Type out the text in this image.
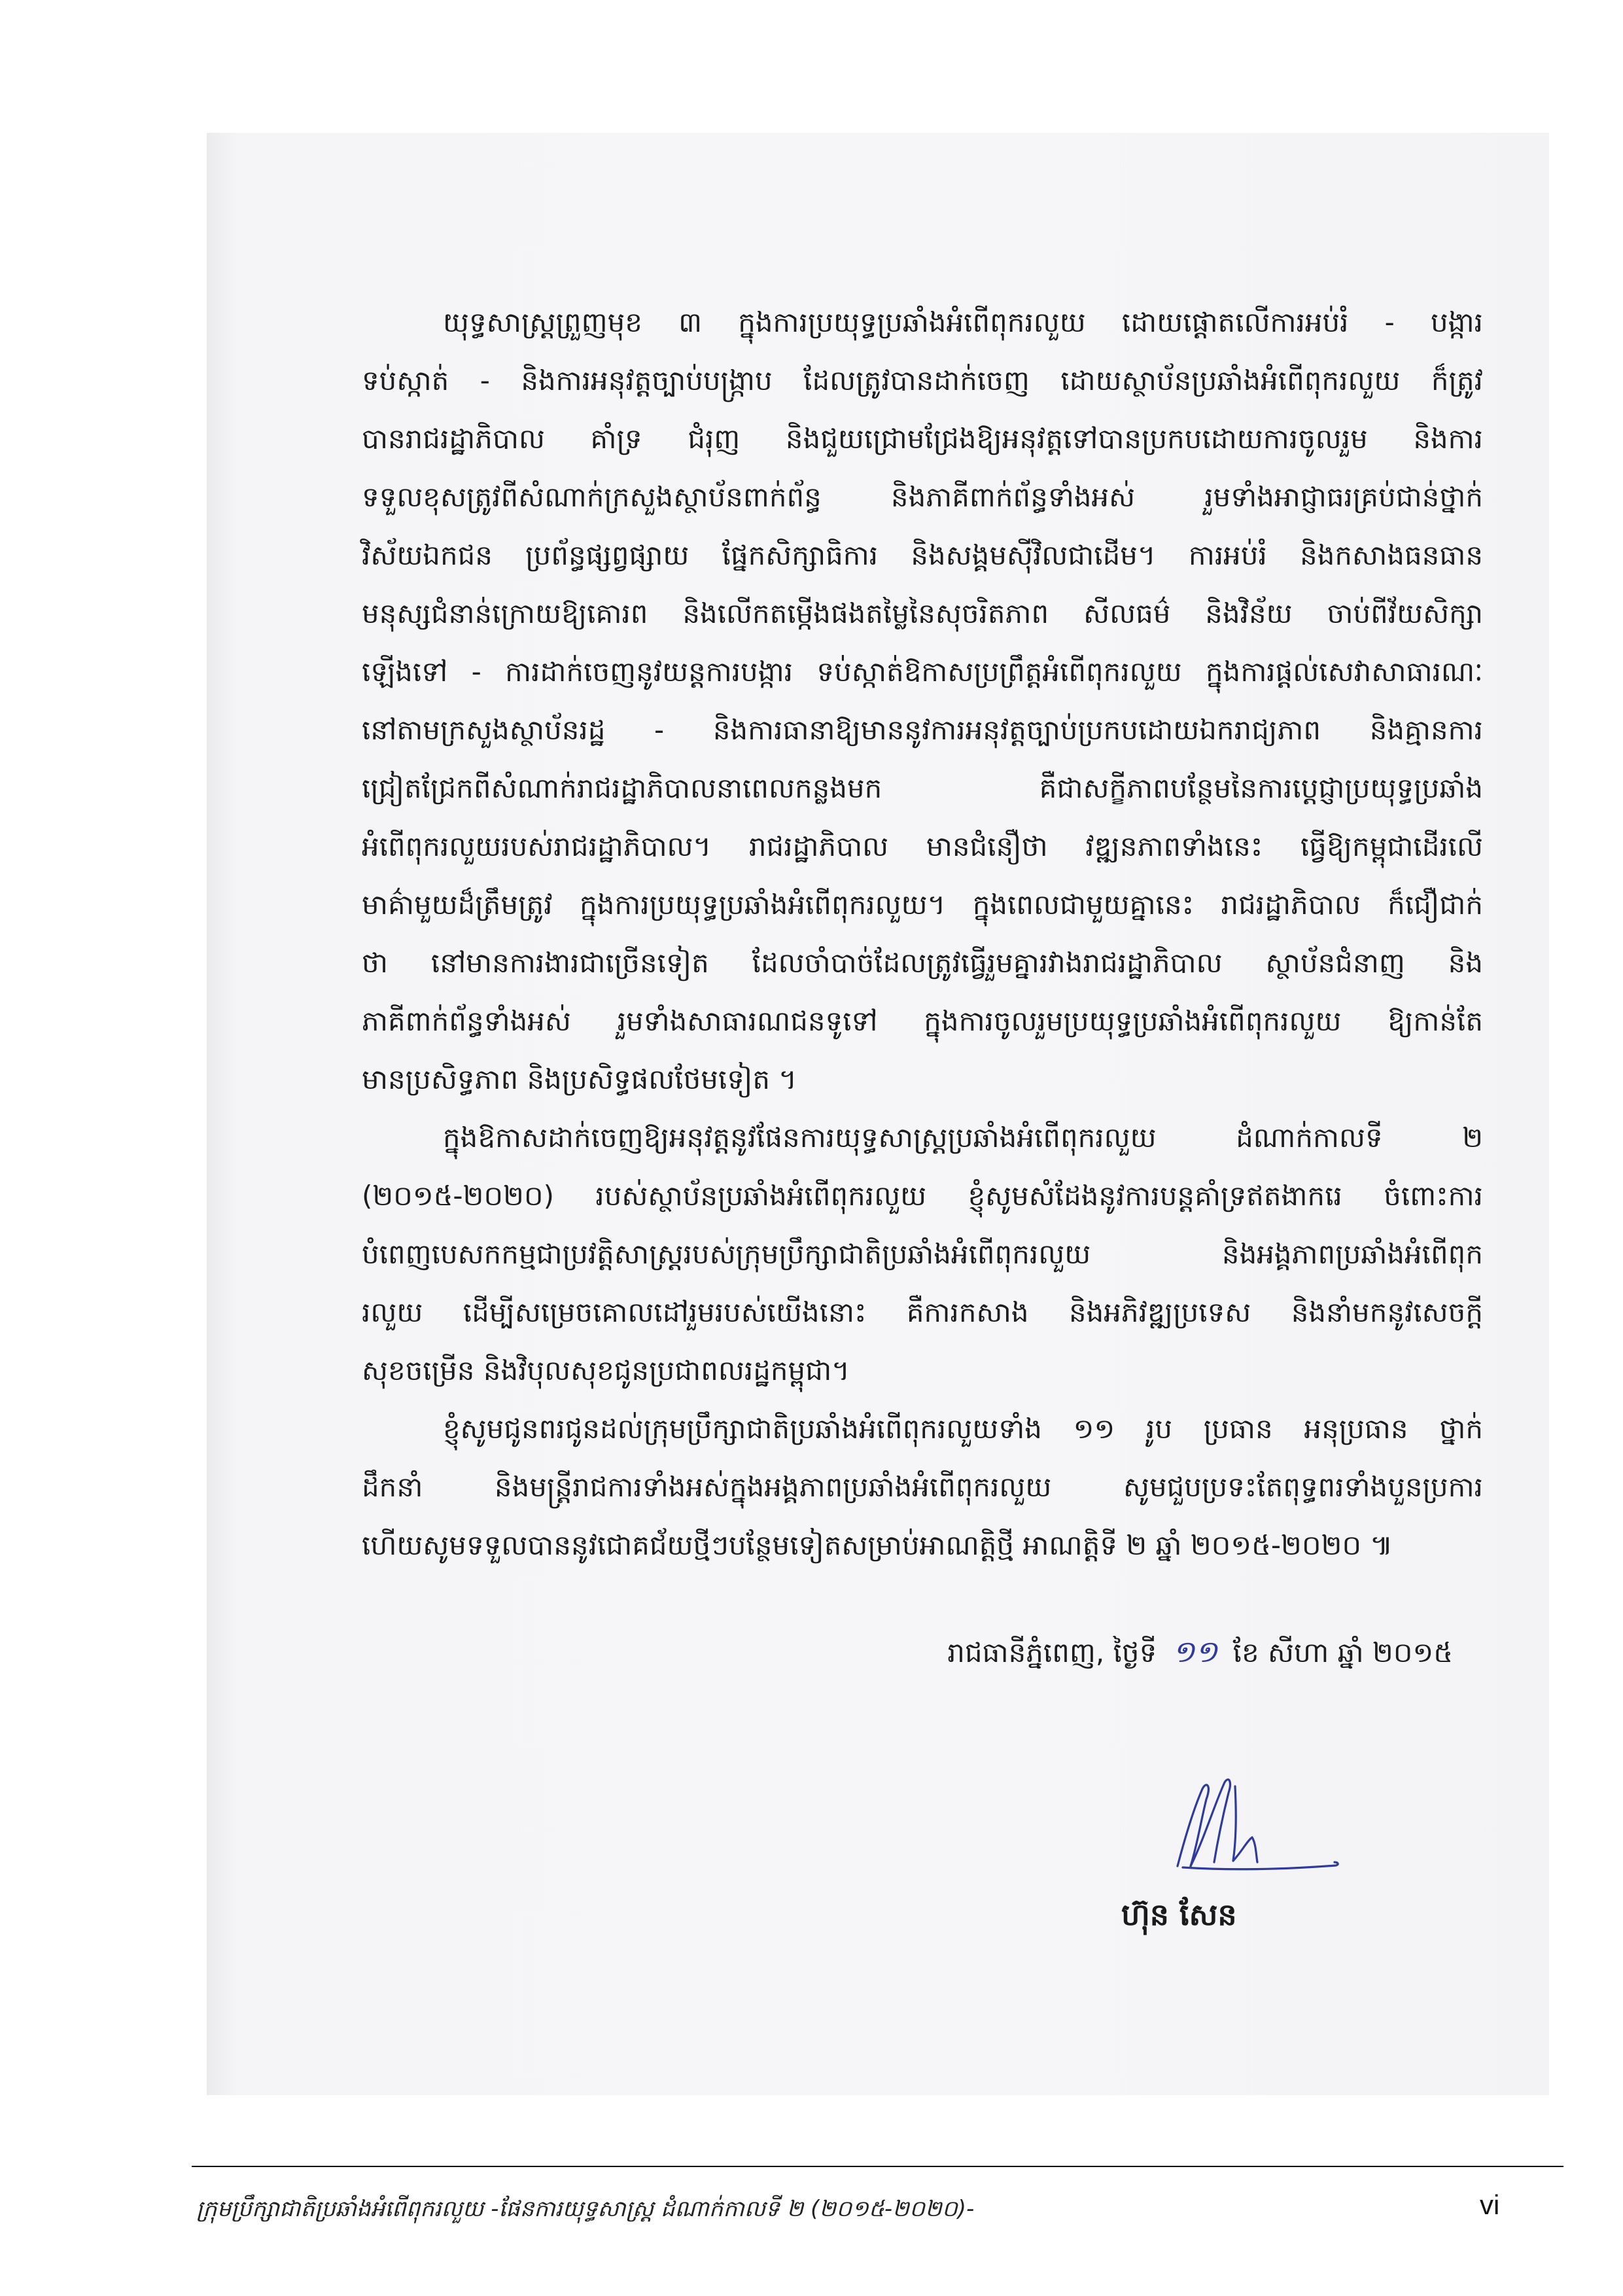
យុទ្ធសាស្ត្រព្រួញមុខ ៣ ក្នុងការប្រយុទ្ធប្រឆាំងអំពើពុករលួយ ដោយផ្តោតលើការអប់រំ - បង្ការ
ទប់ស្កាត់ - និងការអនុវត្តច្បាប់បង្ក្រាប ដែលត្រូវបានដាក់ចេញ ដោយស្ថាប័នប្រឆាំងអំពើពុករលួយ ក៏ត្រូវ
បានរាជរដ្ឋាភិបាល គាំទ្រ ជំរុញ និងជួយជ្រោមជ្រែងឱ្យអនុវត្តទៅបានប្រកបដោយការចូលរួម និងការ
ទទួលខុសត្រូវពីសំណាក់ក្រសួងស្ថាប័នពាក់ព័ន្ធ និងភាគីពាក់ព័ន្ធទាំងអស់ រួមទាំងអាជ្ញាធរគ្រប់ជាន់ថ្នាក់
វិស័យឯកជន ប្រព័ន្ធផ្សព្វផ្សាយ ផ្នែកសិក្សាធិការ និងសង្គមស៊ីវិលជាដើម។ ការអប់រំ និងកសាងធនធាន
មនុស្សជំនាន់ក្រោយឱ្យគោរព និងលើកតម្កើងផងតម្លៃនៃសុចរិតភាព សីលធម៌ និងវិន័យ ចាប់ពីវ័យសិក្សា
ឡើងទៅ - ការដាក់ចេញនូវយន្តការបង្ការ ទប់ស្កាត់ឱកាសប្រព្រឹត្តអំពើពុករលួយ ក្នុងការផ្តល់សេវាសាធារណៈ
នៅតាមក្រសួងស្ថាប័នរដ្ឋ - និងការធានាឱ្យមាននូវការអនុវត្តច្បាប់ប្រកបដោយឯករាជ្យភាព និងគ្មានការ
ជ្រៀតជ្រែកពីសំណាក់រាជរដ្ឋាភិបាលនាពេលកន្លងមក គឺជាសក្ខីភាពបន្ថែមនៃការប្តេជ្ញាប្រយុទ្ធប្រឆាំង
អំពើពុករលួយរបស់រាជរដ្ឋាភិបាល។ រាជរដ្ឋាភិបាល មានជំនឿថា វឌ្ឍនភាពទាំងនេះ ធ្វើឱ្យកម្ពុជាដើរលើ
មាគ៌ាមួយដ៏ត្រឹមត្រូវ ក្នុងការប្រយុទ្ធប្រឆាំងអំពើពុករលួយ។ ក្នុងពេលជាមួយគ្នានេះ រាជរដ្ឋាភិបាល ក៏ជឿជាក់
ថា នៅមានការងារជាច្រើនទៀត ដែលចាំបាច់ដែលត្រូវធ្វើរួមគ្នារវាងរាជរដ្ឋាភិបាល ស្ថាប័នជំនាញ និង
ភាគីពាក់ព័ន្ធទាំងអស់ រួមទាំងសាធារណជនទូទៅ ក្នុងការចូលរួមប្រយុទ្ធប្រឆាំងអំពើពុករលួយ ឱ្យកាន់តែ
មានប្រសិទ្ធភាព និងប្រសិទ្ធផលថែមទៀត ។
ក្នុងឱកាសដាក់ចេញឱ្យអនុវត្តនូវផែនការយុទ្ធសាស្ត្រប្រឆាំងអំពើពុករលួយ ដំណាក់កាលទី ២
(២០១៥-២០២០) របស់ស្ថាប័នប្រឆាំងអំពើពុករលួយ ខ្ញុំសូមសំដែងនូវការបន្តគាំទ្រឥតងាករេ ចំពោះការ
បំពេញបេសកកម្មជាប្រវត្តិសាស្ត្ររបស់ក្រុមប្រឹក្សាជាតិប្រឆាំងអំពើពុករលួយ និងអង្គភាពប្រឆាំងអំពើពុក
រលួយ ដើម្បីសម្រេចគោលដៅរួមរបស់យើងនោះ គឺការកសាង និងអភិវឌ្ឍប្រទេស និងនាំមកនូវសេចក្តី
សុខចម្រើន និងវិបុលសុខជូនប្រជាពលរដ្ឋកម្ពុជា។
ខ្ញុំសូមជូនពរជូនដល់ក្រុមប្រឹក្សាជាតិប្រឆាំងអំពើពុករលួយទាំង ១១ រូប ប្រធាន អនុប្រធាន ថ្នាក់
ដឹកនាំ និងមន្ត្រីរាជការទាំងអស់ក្នុងអង្គភាពប្រឆាំងអំពើពុករលួយ សូមជួបប្រទះតែពុទ្ធពរទាំងបួនប្រការ
ហើយសូមទទួលបាននូវជោគជ័យថ្មីៗបន្ថែមទៀតសម្រាប់អាណត្តិថ្មី អាណត្តិទី ២ ឆ្នាំ ២០១៥-២០២០ ៕
រាជធានីភ្នំពេញ, ថ្ងៃទី ១១ ខែ សីហា ឆ្នាំ ២០១៥
ហ៊ុន សែន
ក្រុមប្រឹក្សាជាតិប្រឆាំងអំពើពុករលួយ -ផែនការយុទ្ធសាស្ត្រ ដំណាក់កាលទី ២ (២០១៥-២០២០)-	vi
